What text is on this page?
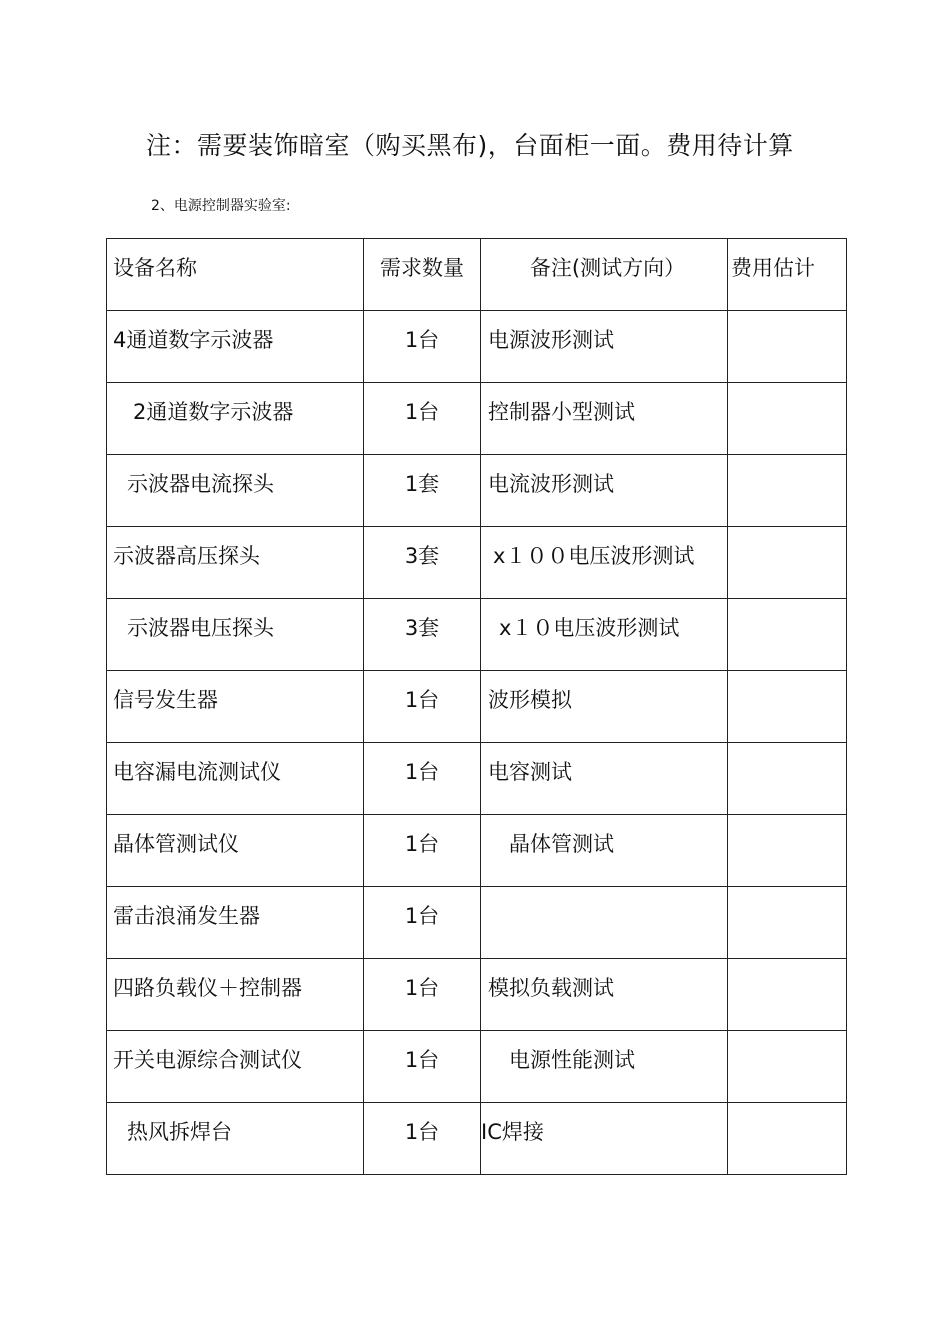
注：需要装饰暗室（购买黑布)，台面柜一面。费用待计算
2、电源控制器实验室:
设备名称	需求数量	备注(测试方向）	费用估计

4通道数字示波器	1台	电源波形测试	

2通道数字示波器	1台	控制器小型测试	

示波器电流探头	1套	电流波形测试	

示波器高压探头	3套	x１００电压波形测试	

示波器电压探头	3套	x１０电压波形测试	

信号发生器	1台	波形模拟	

电容漏电流测试仪	1台	电容测试	

晶体管测试仪	1台	晶体管测试	

雷击浪涌发生器	1台		

四路负载仪＋控制器	1台	模拟负载测试	

开关电源综合测试仪	1台	电源性能测试	

热风拆焊台	1台	IC焊接	
